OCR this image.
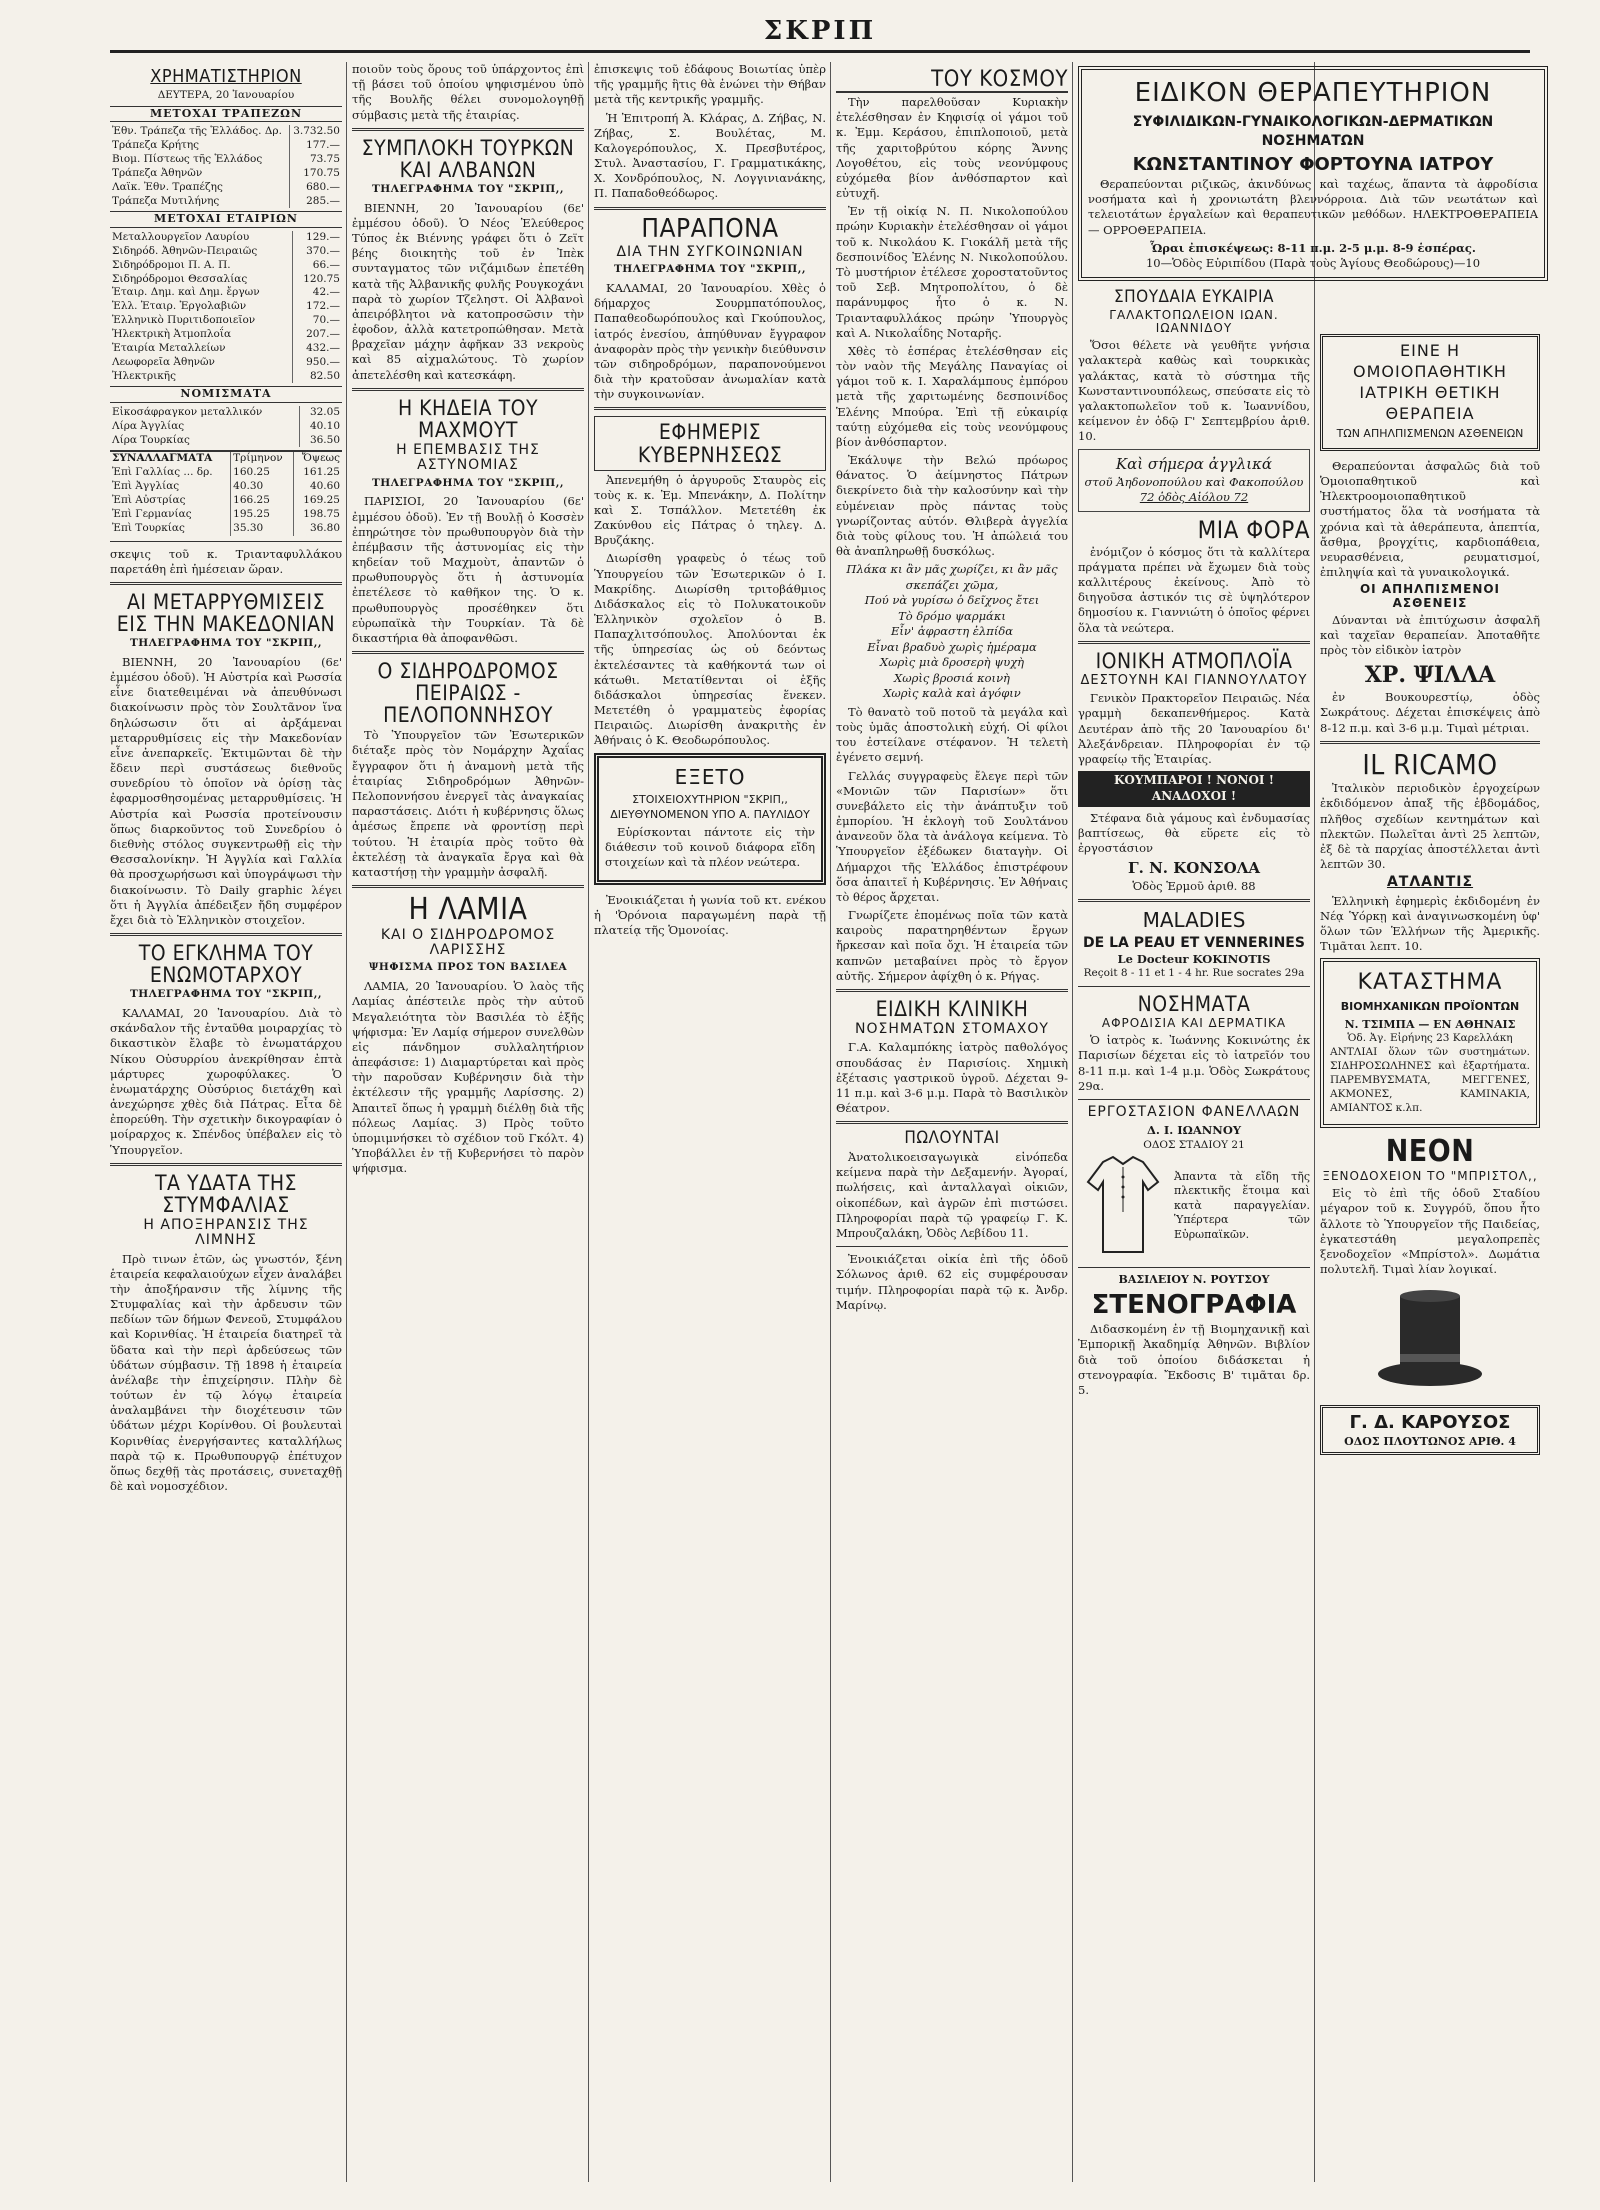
ΣΚΡΙΠ
ΧΡΗΜΑΤΙΣΤΗΡΙΟΝ
ΔΕΥΤΕΡΑ, 20 Ἰανουαρίου
ΜΕΤΟΧΑΙ ΤΡΑΠΕΖΩΝ
Ἐθν. Τράπεζα τῆς Ἑλλάδος. Δρ.	3.732.50
Τράπεζα Κρήτης	177.—
Βιομ. Πίστεως τῆς Ἑλλάδος	73.75
Τράπεζα Ἀθηνῶν	170.75
Λαϊκ. Ἐθν. Τραπέζης	680.—
Τράπεζα Μυτιλήνης	285.—
ΜΕΤΟΧΑΙ ΕΤΑΙΡΙΩΝ
Μεταλλουργεῖον Λαυρίου	129.—
Σιδηρόδ. Ἀθηνῶν-Πειραιῶς	370.—
Σιδηρόδρομοι Π. Α. Π.	66.—
Σιδηρόδρομοι Θεσσαλίας	120.75
Ἑταιρ. Δημ. καὶ Δημ. ἔργων	42.—
Ἑλλ. Ἑταιρ. Ἐργολαβιῶν	172.—
Ἑλληνικὸ Πυριτιδοποιεῖον	70.—
Ἠλεκτρικὴ Ἀτμοπλοΐα	207.—
Ἑταιρία Μεταλλείων	432.—
Λεωφορεῖα Ἀθηνῶν	950.—
Ἠλεκτρικῆς	82.50
ΝΟΜΙΣΜΑΤΑ
Εἰκοσάφραγκον μεταλλικόν	32.05
Λίρα Ἀγγλίας	40.10
Λίρα Τουρκίας	36.50
ΣΥΝΑΛΛΑΓΜΑΤΑ	Τρίμηνον	Ὄψεως
Ἐπὶ Γαλλίας ... δρ.	160.25	161.25
Ἐπὶ Ἀγγλίας	40.30	40.60
Ἐπὶ Αὐστρίας	166.25	169.25
Ἐπὶ Γερμανίας	195.25	198.75
Ἐπὶ Τουρκίας	35.30	36.80

σκεψις τοῦ κ. Τριανταφυλλάκου παρετάθη ἐπὶ ἡμέσειαν ὥραν.

ΑΙ ΜΕΤΑΡΡΥΘΜΙΣΕΙΣ ΕΙΣ ΤΗΝ ΜΑΚΕΔΟΝΙΑΝ
ΤΗΛΕΓΡΑΦΗΜΑ ΤΟΥ "ΣΚΡΙΠ,,

ΒΙΕΝΝΗ, 20 Ἰανουαρίου (6ε' ἐμμέσου ὁδοῦ). Ἡ Αὐστρία καὶ Ρωσσία εἶνε διατεθειμέναι νὰ ἀπευθύνωσι διακοίνωσιν πρὸς τὸν Σουλτᾶνον ἵνα δηλώσωσιν ὅτι αἱ ἀρξάμεναι μεταρρυθμίσεις εἰς τὴν Μακεδονίαν εἶνε ἀνεπαρκεῖς. Ἐκτιμῶνται δὲ τὴν ἔδειν περὶ συστάσεως διεθνοῦς συνεδρίου τὸ ὁποῖον νὰ ὁρίσῃ τὰς ἐφαρμοσθησομένας μεταρρυθμίσεις. Ἡ Αὐστρία καὶ Ρωσσία προτείνουσιν ὅπως διαρκοῦντος τοῦ Συνεδρίου ὁ διεθνὴς στόλος συγκεντρωθῇ εἰς τὴν Θεσσαλονίκην. Ἡ Ἀγγλία καὶ Γαλλία θὰ προσχωρήσωσι καὶ ὑπογράψωσι τὴν διακοίνωσιν. Τὸ Daily graphic λέγει ὅτι ἡ Ἀγγλία ἀπέδειξεν ἤδη συμφέρον ἔχει διὰ τὸ Ἑλληνικὸν στοιχεῖον.

ΤΟ ΕΓΚΛΗΜΑ ΤΟΥ ΕΝΩΜΟΤΑΡΧΟΥ
ΤΗΛΕΓΡΑΦΗΜΑ ΤΟΥ "ΣΚΡΙΠ,,

ΚΑΛΑΜΑΙ, 20 Ἰανουαρίου. Διὰ τὸ σκάνδαλον τῆς ἐνταῦθα μοιραρχίας τὸ δικαστικὸν ἔλαβε τὸ ἐνωματάρχου Νίκου Οὐσυρρίου ἀνεκρίθησαν ἐπτὰ μάρτυρες χωροφύλακες. Ὁ ἐνωματάρχης Οὐσύριος διετάχθη καὶ ἀνεχώρησε χθὲς διὰ Πάτρας. Εἶτα δὲ ἐπορεύθη. Τὴν σχετικὴν δικογραφίαν ὁ μοίραρχος κ. Σπένδος ὑπέβαλεν εἰς τὸ Ὑπουργεῖον.

ΤΑ ΥΔΑΤΑ ΤΗΣ ΣΤΥΜΦΑΛΙΑΣ
Η ΑΠΟΞΗΡΑΝΣΙΣ ΤΗΣ ΛΙΜΝΗΣ

Πρὸ τινων ἐτῶν, ὡς γνωστόν, ξένη ἑταιρεία κεφαλαιούχων εἶχεν ἀναλάβει τὴν ἀποξήρανσιν τῆς λίμνης τῆς Στυμφαλίας καὶ τὴν ἀρδευσιν τῶν πεδίων τῶν δήμων Φενεοῦ, Στυμφάλου καὶ Κορινθίας. Ἡ ἑταιρεία διατηρεῖ τὰ ὕδατα καὶ τὴν περὶ ἀρδεύσεως τῶν ὑδάτων σύμβασιν. Τῇ 1898 ἡ ἑταιρεία ἀνέλαβε τὴν ἐπιχείρησιν. Πλὴν δὲ τούτων ἐν τῷ λόγῳ ἑταιρεία ἀναλαμβάνει τὴν διοχέτευσιν τῶν ὑδάτων μέχρι Κορίνθου. Οἱ βουλευταὶ Κορινθίας ἐνεργήσαντες καταλλήλως παρὰ τῷ κ. Πρωθυπουργῷ ἐπέτυχον ὅπως δεχθῇ τὰς προτάσεις, συνεταχθῇ δὲ καὶ νομοσχέδιον.

ποιοῦν τοὺς ὅρους τοῦ ὑπάρχοντος ἐπὶ τῇ βάσει τοῦ ὁποίου ψηφισμένου ὑπὸ τῆς Βουλῆς θέλει συνομολογηθῇ σύμβασις μετὰ τῆς ἑταιρίας.

ΣΥΜΠΛΟΚΗ ΤΟΥΡΚΩΝ ΚΑΙ ΑΛΒΑΝΩΝ
ΤΗΛΕΓΡΑΦΗΜΑ ΤΟΥ "ΣΚΡΙΠ,,

ΒΙΕΝΝΗ, 20 Ἰανουαρίου (6ε' ἐμμέσου ὁδοῦ). Ὁ Νέος Ἐλεύθερος Τύπος ἐκ Βιέννης γράφει ὅτι ὁ Ζεϊτ βέης διοικητὴς τοῦ ἐν Ἰπὲκ συνταγματος τῶν νιζάμιδων ἐπετέθη κατὰ τῆς Ἀλβανικῆς φυλῆς Ρουγκοχάνι παρὰ τὸ χωρίον Τζεληστ. Οἱ Ἀλβανοὶ ἀπειρόβλητοι νὰ κατοπροσῶσιν τὴν ἐφοδον, ἀλλὰ κατετροπώθησαν. Μετὰ βραχεῖαν μάχην ἀφῆκαν 33 νεκροὺς καὶ 85 αἰχμαλώτους. Τὸ χωρίον ἀπετελέσθη καὶ κατεσκάφη.

Η ΚΗΔΕΙΑ ΤΟΥ ΜΑΧΜΟΥΤ
Η ΕΠΕΜΒΑΣΙΣ ΤΗΣ ΑΣΤΥΝΟΜΙΑΣ
ΤΗΛΕΓΡΑΦΗΜΑ ΤΟΥ "ΣΚΡΙΠ,,

ΠΑΡΙΣΙΟΙ, 20 Ἰανουαρίου (6ε' ἐμμέσου ὁδοῦ). Ἐν τῇ Βουλῇ ὁ Κοσσὲν ἐπηρώτησε τὸν πρωθυπουργὸν διὰ τὴν ἐπέμβασιν τῆς ἀστυνομίας εἰς τὴν κηδείαν τοῦ Μαχμοὺτ, ἀπαντῶν ὁ πρωθυπουργὸς ὅτι ἡ ἀστυνομία ἐπετέλεσε τὸ καθῆκον της. Ὁ κ. πρωθυπουργὸς προσέθηκεν ὅτι εὐρωπαϊκὰ τὴν Τουρκίαν. Τὰ δὲ δικαστήρια θὰ ἀποφανθῶσι.

Ο ΣΙΔΗΡΟΔΡΟΜΟΣ ΠΕΙΡΑΙΩΣ - ΠΕΛΟΠΟΝΝΗΣΟΥ

Τὸ Ὑπουργεῖον τῶν Ἐσωτερικῶν διέταξε πρὸς τὸν Νομάρχην Ἀχαΐας ἔγγραφον ὅτι ἡ ἀναμονὴ μετὰ τῆς ἑταιρίας Σιδηροδρόμων Ἀθηνῶν-Πελοποννήσου ἐνεργεῖ τὰς ἀναγκαίας παραστάσεις. Διότι ἡ κυβέρνησις ὅλως ἀμέσως ἔπρεπε νὰ φροντίσῃ περὶ τούτου. Ἡ ἑταιρία πρὸς τοῦτο θὰ ἐκτελέσῃ τὰ ἀναγκαῖα ἔργα καὶ θὰ καταστήσῃ τὴν γραμμὴν ἀσφαλῆ.

Η ΛΑΜΙΑ
ΚΑΙ Ο ΣΙΔΗΡΟΔΡΟΜΟΣ ΛΑΡΙΣΣΗΣ
ΨΗΦΙΣΜΑ ΠΡΟΣ ΤΟΝ ΒΑΣΙΛΕΑ

ΛΑΜΙΑ, 20 Ἰανουαρίου. Ὁ λαὸς τῆς Λαμίας ἀπέστειλε πρὸς τὴν αὐτοῦ Μεγαλειότητα τὸν Βασιλέα τὸ ἑξῆς ψήφισμα: Ἐν Λαμίᾳ σήμερον συνελθὼν εἰς πάνδημον συλλαλητήριον ἀπεφάσισε: 1) Διαμαρτύρεται καὶ πρὸς τὴν παροῦσαν Κυβέρνησιν διὰ τὴν ἐκτέλεσιν τῆς γραμμῆς Λαρίσσης. 2) Ἀπαιτεῖ ὅπως ἡ γραμμὴ διέλθῃ διὰ τῆς πόλεως Λαμίας. 3) Πρὸς τοῦτο ὑπομιμνήσκει τὸ σχέδιον τοῦ Γκόλτ. 4) Ὑποβάλλει ἐν τῇ Κυβερνήσει τὸ παρὸν ψήφισμα.

ἐπισκεψις τοῦ ἐδάφους Βοιωτίας ὑπὲρ τῆς γραμμῆς ἣτις θὰ ἐνώνει τὴν Θήβαν μετὰ τῆς κεντρικῆς γραμμῆς.

Ἡ Ἐπιτροπή Ἀ. Κλάρας, Δ. Ζήβας, Ν. Ζήβας, Σ. Βουλέτας, Μ. Καλογερόπουλος, Χ. Πρεσβυτέρος, Στυλ. Ἀναστασίου, Γ. Γραμματικάκης, Χ. Χονδρόπουλος, Ν. Λογγινιανάκης, Π. Παπαδοθεόδωρος.

ΠΑΡΑΠΟΝΑ
ΔΙΑ ΤΗΝ ΣΥΓΚΟΙΝΩΝΙΑΝ
ΤΗΛΕΓΡΑΦΗΜΑ ΤΟΥ "ΣΚΡΙΠ,,

ΚΑΛΑΜΑΙ, 20 Ἰανουαρίου. Χθὲς ὁ δήμαρχος Σουρμπατόπουλος, Παπαθεοδωρόπουλος καὶ Γκούπουλος, ἰατρός ἐνεσίου, ἀπηύθυναν ἔγγραφον ἀναφορὰν πρὸς τὴν γενικὴν διεύθυνσιν τῶν σιδηροδρόμων, παραπονούμενοι διὰ τὴν κρατοῦσαν ἀνωμαλίαν κατὰ τὴν συγκοινωνίαν.

ΕΦΗΜΕΡΙΣ ΚΥΒΕΡΝΗΣΕΩΣ

Ἀπενεμήθη ὁ ἀργυροῦς Σταυρὸς εἰς τοὺς κ. κ. Ἐμ. Μπενάκην, Δ. Πολίτην καὶ Σ. Τσπάλλον. Μετετέθη ἐκ Ζακύνθου εἰς Πάτρας ὁ τηλεγ. Δ. Βρυζάκης.

Διωρίσθη γραφεὺς ὁ τέως τοῦ Ὑπουργείου τῶν Ἐσωτερικῶν ὁ Ι. Μακρίδης. Διωρίσθη τριτοβάθμιος Διδάσκαλος εἰς τὸ Πολυκατοικοῦν Ἑλληνικὸν σχολεῖον ὁ Β. Παπαχλιτσόπουλος. Ἀπολύονται ἐκ τῆς ὑπηρεσίας ὡς οὐ δεόντως ἐκτελέσαντες τὰ καθήκοντά των οἱ κάτωθι. Μετατίθενται οἱ ἑξῆς διδάσκαλοι ὑπηρεσίας ἕνεκεν. Μετετέθη ὁ γραμματεὺς ἐφορίας Πειραιῶς. Διωρίσθη ἀνακριτὴς ἐν Ἀθήναις ὁ Κ. Θεοδωρόπουλος.

ΕΞΕΤΟ
ΣΤΟΙΧΕΙΟΧΥΤΗΡΙΟΝ "ΣΚΡΙΠ,, ΔΙΕΥΘΥΝΟΜΕΝΟΝ ΥΠΟ Α. ΠΑΥΛΙΔΟΥ

Εὑρίσκονται πάντοτε εἰς τὴν διάθεσιν τοῦ κοινοῦ διάφορα εἴδη στοιχείων καὶ τὰ πλέον νεώτερα.

Ἐνοικιάζεται ἡ γωνία τοῦ κτ. ενέκου ἡ 'Ὀρόνοια παραγωμένη παρὰ τῇ πλατείᾳ τῆς Ὁμονοίας.

ΤΟΥ ΚΟΣΜΟΥ

Τὴν παρελθοῦσαν Κυριακὴν ἐτελέσθησαν ἐν Κηφισίᾳ οἱ γάμοι τοῦ κ. Ἐμμ. Κεράσου, ἐπιπλοποιοῦ, μετὰ τῆς χαριτοβρύτου κόρης Ἄννης Λογοθέτου, εἰς τοὺς νεονύμφους εὐχόμεθα βίον ἀνθόσπαρτον καὶ εὐτυχῆ.

Ἐν τῇ οἰκίᾳ Ν. Π. Νικολοπούλου πρώην Κυριακὴν ἐτελέσθησαν οἱ γάμοι τοῦ κ. Νικολάου Κ. Γιοκάλῆ μετὰ τῆς δεσποινίδος Ἐλένης Ν. Νικολοπούλου. Τὸ μυστήριον ἐτέλεσε χοροστατοῦντος τοῦ Σεβ. Μητροπολίτου, ὁ δὲ παράνυμφος ἦτο ὁ κ. Ν. Τριανταφυλλάκος πρώην Ὑπουργὸς καὶ Α. Νικολαΐδης Νοταρῆς.

Χθὲς τὸ ἑσπέρας ἐτελέσθησαν εἰς τὸν ναὸν τῆς Μεγάλης Παναγίας οἱ γάμοι τοῦ κ. Ι. Χαραλάμπους ἐμπόρου μετὰ τῆς χαριτωμένης δεσποινίδος Ἑλένης Μπούρα. Ἐπὶ τῇ εὐκαιρίᾳ ταύτῃ εὐχόμεθα εἰς τοὺς νεονύμφους βίον ἀνθόσπαρτον.

Ἐκάλυψε τὴν Βελώ πρόωρος θάνατος. Ὁ ἀείμνηστος Πάτρων διεκρίνετο διὰ τὴν καλοσύνην καὶ τὴν εὐμένειαν πρὸς πάντας τοὺς γνωρίζοντας αὐτόν. Θλιβερὰ ἀγγελία διὰ τοὺς φίλους του. Ἡ ἀπώλειά του θὰ ἀναπληρωθῇ δυσκόλως.

Πλάκα κι ἂν μᾶς χωρίζει, κι ἂν μᾶς σκεπάζει χῶμα,
Πού νὰ γυρίσω ὁ δεῖχνος ἔτει
Τὸ δρόμο ψαρμάκι
Εἶν' ἀφραστη ἐλπίδα
Εἶναι βραδυὸ χωρὶς ἡμέραμα
Χωρὶς μιὰ δροσερὴ ψυχὴ
Χωρὶς βροσιά κοινὴ
Χωρὶς καλὰ καὶ ἀγόφιν

Τὸ θανατὸ τοῦ ποτοῦ τὰ μεγάλα καὶ τοὺς ὑμᾶς ἀποστολικὴ εὐχή. Οἱ φίλοι του ἐστείλανε στέφανον. Ἡ τελετὴ ἐγένετο σεμνή.

Γελλάς συγγραφεὺς ἔλεγε περὶ τῶν «Μονιῶν τῶν Παρισίων» ὅτι συνεβάλετο εἰς τὴν ἀνάπτυξιν τοῦ ἐμπορίου. Ἡ ἐκλογὴ τοῦ Σουλτάνου ἀνανεοῦν ὅλα τὰ ἀνάλογα κείμενα. Τὸ Ὑπουργεῖον ἐξέδωκεν διαταγὴν. Οἱ Δήμαρχοι τῆς Ἑλλάδος ἐπιστρέφουν ὅσα ἀπαιτεῖ ἡ Κυβέρνησις. Ἐν Ἀθήναις τὸ θέρος ἄρχεται.

Γνωρίζετε ἐπομένως ποῖα τῶν κατὰ καιροὺς παρατηρηθέντων ἔργων ἤρκεσαν καὶ ποῖα ὄχι. Ἡ ἑταιρεία τῶν καπνῶν μεταβαίνει πρὸς τὸ ἔργον αὐτῆς. Σήμερον ἀφίχθη ὁ κ. Ρήγας.

ΕΙΔΙΚΗ ΚΛΙΝΙΚΗ
ΝΟΣΗΜΑΤΩΝ ΣΤΟΜΑΧΟΥ

Γ.Α. Καλαμπόκης ἰατρὸς παθολόγος σπουδάσας ἐν Παρισίοις. Χημικὴ ἐξέτασις γαστρικοῦ ὑγροῦ. Δέχεται 9-11 π.μ. καὶ 3-6 μ.μ. Παρὰ τὸ Βασιλικὸν Θέατρον.

ΠΩΛΟΥΝΤΑΙ

Ἀνατολικοεισαγωγικὰ εἰνόπεδα κείμενα παρὰ τὴν Δεξαμενήν. Ἀγοραί, πωλήσεις, καὶ ἀνταλλαγαὶ οἰκιῶν, οἰκοπέδων, καὶ ἀγρῶν ἐπὶ πιστώσει. Πληροφορίαι παρὰ τῷ γραφείῳ Γ. Κ. Μπρουζαλάκη, Ὁδὸς Λεβίδου 11.

Ἐνοικιάζεται οἰκία ἐπὶ τῆς ὁδοῦ Σόλωνος ἀριθ. 62 εἰς συμφέρουσαν τιμήν. Πληροφορίαι παρὰ τῷ κ. Ἀνδρ. Μαρίνῳ.

ΕΙΔΙΚΟΝ ΘΕΡΑΠΕΥΤΗΡΙΟΝ
ΣΥΦΙΛΙΔΙΚΩΝ-ΓΥΝΑΙΚΟΛΟΓΙΚΩΝ-ΔΕΡΜΑΤΙΚΩΝ ΝΟΣΗΜΑΤΩΝ
ΚΩΝΣΤΑΝΤΙΝΟΥ ΦΟΡΤΟΥΝΑ ΙΑΤΡΟΥ

Θεραπεύονται ριζικῶς, ἀκινδύνως καὶ ταχέως, ἅπαντα τὰ ἀφροδίσια νοσήματα καὶ ἡ χρονιωτάτη βλεννόρροια. Διὰ τῶν νεωτάτων καὶ τελειοτάτων ἐργαλείων καὶ θεραπευτικῶν μεθόδων. ΗΛΕΚΤΡΟΘΕΡΑΠΕΙΑ — ΟΡΡΟΘΕΡΑΠΕΙΑ.

Ὧραι ἐπισκέψεως: 8-11 π.μ. 2-5 μ.μ. 8-9 ἑσπέρας.
10—Ὁδὸς Εὐριπίδου (Παρὰ τοὺς Ἁγίους Θεοδώρους)—10
ΣΠΟΥΔΑΙΑ ΕΥΚΑΙΡΙΑ
ΓΑΛΑΚΤΟΠΩΛΕΙΟΝ ΙΩΑΝ. ΙΩΑΝΝΙΔΟΥ

Ὅσοι θέλετε νὰ γευθῆτε γνήσια γαλακτερὰ καθὼς καὶ τουρκικὰς γαλάκτας, κατὰ τὸ σύστημα τῆς Κωνσταντινουπόλεως, σπεύσατε εἰς τὸ γαλακτοπωλεῖον τοῦ κ. Ἰωαννίδου, κείμενον ἐν ὁδῷ Γ' Σεπτεμβρίου ἀριθ. 10.

Καὶ σήμερα ἀγγλικά
στοῦ Ἀηδονοπούλου καὶ Φακοπούλου
72 ὁδὸς Αἰόλου 72
ΜΙΑ ΦΟΡΑ

ἐνόμιζον ὁ κόσμος ὅτι τὰ καλλίτερα πράγματα πρέπει νὰ ἔχωμεν διὰ τοὺς καλλιτέρους ἐκείνους. Ἀπὸ τὸ διηγοῦσα ἀστικόν τις σὲ ὑψηλότερον δημοσίου κ. Γιαννιώτη ὁ ὁποῖος φέρνει ὅλα τὰ νεώτερα.

ΙΟΝΙΚΗ ΑΤΜΟΠΛΟΪΑ
ΔΕΣΤΟΥΝΗ ΚΑΙ ΓΙΑΝΝΟΥΛΑΤΟΥ

Γενικὸν Πρακτορεῖον Πειραιῶς. Νέα γραμμὴ δεκαπενθήμερος. Κατὰ Δευτέραν ἀπὸ τῆς 20 Ἰανουαρίου δι' Ἀλεξάνδρειαν. Πληροφορίαι ἐν τῷ γραφείῳ τῆς Ἑταιρίας.

ΚΟΥΜΠΑΡΟΙ ! ΝΟΝΟΙ ! ΑΝΑΔΟΧΟΙ !

Στέφανα διὰ γάμους καὶ ἐνδυμασίας βαπτίσεως, θὰ εὕρετε εἰς τὸ ἐργοστάσιον

Γ. Ν. ΚΟΝΣΟΛΑ
Ὁδὸς Ἑρμοῦ ἀριθ. 88
MALADIES
DE LA PEAU ET VENNERINES
Le Docteur KOKINOTIS
Reçoit 8 - 11 et 1 - 4 hr. Rue socrates 29a
ΝΟΣΗΜΑΤΑ
ΑΦΡΟΔΙΣΙΑ ΚΑΙ ΔΕΡΜΑΤΙΚΑ

Ὁ ἰατρὸς κ. Ἰωάννης Κοκινώτης ἐκ Παρισίων δέχεται εἰς τὸ ἰατρεῖόν του 8-11 π.μ. καὶ 1-4 μ.μ. Ὁδὸς Σωκράτους 29α.

ΕΡΓΟΣΤΑΣΙΟΝ ΦΑΝΕΛΛΑΩΝ
Δ. Ι. ΙΩΑΝΝΟΥ
ΟΔΟΣ ΣΤΑΔΙΟΥ 21

Ἀπαντα τὰ εἴδη τῆς πλεκτικῆς ἕτοιμα καὶ κατὰ παραγγελίαν. Ὑπέρτερα τῶν Εὐρωπαϊκῶν.

ΒΑΣΙΛΕΙΟΥ Ν. ΡΟΥΤΣΟΥ
ΣΤΕΝΟΓΡΑΦΙΑ

Διδασκομένη ἐν τῇ Βιομηχανικῇ καὶ Ἐμπορικῇ Ἀκαδημίᾳ Ἀθηνῶν. Βιβλίον διὰ τοῦ ὁποίου διδάσκεται ἡ στενογραφία. Ἔκδοσις Β' τιμᾶται δρ. 5.

ΕΙΝΕ Η ΟΜΟΙΟΠΑΘΗΤΙΚΗ ΙΑΤΡΙΚΗ ΘΕΤΙΚΗ ΘΕΡΑΠΕΙΑ
ΤΩΝ ΑΠΗΛΠΙΣΜΕΝΩΝ ΑΣΘΕΝΕΙΩΝ

Θεραπεύονται ἀσφαλῶς διὰ τοῦ Ὁμοιοπαθητικοῦ καὶ Ἠλεκτροομοιοπαθητικοῦ συστήματος ὅλα τὰ νοσήματα τὰ χρόνια καὶ τὰ ἀθεράπευτα, ἀπεπτία, ἄσθμα, βρογχίτις, καρδιοπάθεια, νευρασθένεια, ρευματισμοί, ἐπιληψία καὶ τὰ γυναικολογικά.

ΟΙ ΑΠΗΛΠΙΣΜΕΝΟΙ ΑΣΘΕΝΕΙΣ

Δύνανται νὰ ἐπιτύχωσιν ἀσφαλῆ καὶ ταχεῖαν θεραπείαν. Ἀποταθῆτε πρὸς τὸν εἰδικὸν ἰατρὸν

ΧΡ. ΨΙΛΛΑ

ἐν Βουκουρεστίῳ, ὁδὸς Σωκράτους. Δέχεται ἐπισκέψεις ἀπὸ 8-12 π.μ. καὶ 3-6 μ.μ. Τιμαὶ μέτριαι.

IL RICAMO

Ἰταλικὸν περιοδικὸν ἐργοχείρων ἐκδιδόμενον ἀπαξ τῆς ἑβδομάδος, πλῆθος σχεδίων κεντημάτων καὶ πλεκτῶν. Πωλεῖται ἀντὶ 25 λεπτῶν, ἐξ δὲ τὰ παρχίας ἀποστέλλεται ἀντὶ λεπτῶν 30.

ΑΤΛΑΝΤΙΣ

Ἑλληνικὴ ἐφημερὶς ἐκδιδομένη ἐν Νέᾳ Ὑόρκῃ καὶ ἀναγινωσκομένη ὑφ' ὅλων τῶν Ἑλλήνων τῆς Ἀμερικῆς. Τιμᾶται λεπτ. 10.

ΚΑΤΑΣΤΗΜΑ
ΒΙΟΜΗΧΑΝΙΚΩΝ ΠΡΟΪΟΝΤΩΝ
Ν. ΤΣΙΜΠΑ — ΕΝ ΑΘΗΝΑΙΣ
Ὁδ. Ἀγ. Εἰρήνης 23 Καρελλάκη

ΑΝΤΛΙΑΙ ὅλων τῶν συστημάτων. ΣΙΔΗΡΟΣΩΛΗΝΕΣ καὶ ἐξαρτήματα. ΠΑΡΕΜΒΥΣΜΑΤΑ, ΜΕΓΓΕΝΕΣ, ΑΚΜΟΝΕΣ, ΚΑΜΙΝΑΚΙΑ, ΑΜΙΑΝΤΟΣ κ.λπ.

ΝΕΟΝ
ΞΕΝΟΔΟΧΕΙΟΝ ΤΟ "ΜΠΡΙΣΤΟΛ,,

Εἰς τὸ ἐπὶ τῆς ὁδοῦ Σταδίου μέγαρον τοῦ κ. Συγγρόῦ, ὅπου ἦτο ἄλλοτε τὸ Ὑπουργεῖον τῆς Παιδείας, ἐγκατεστάθη μεγαλοπρεπὲς ξενοδοχεῖον «Μπρίστολ». Δωμάτια πολυτελῆ. Τιμαὶ λίαν λογικαί.

Γ. Δ. ΚΑΡΟΥΣΟΣ
ΟΔΟΣ ΠΛΟΥΤΩΝΟΣ ΑΡΙΘ. 4
